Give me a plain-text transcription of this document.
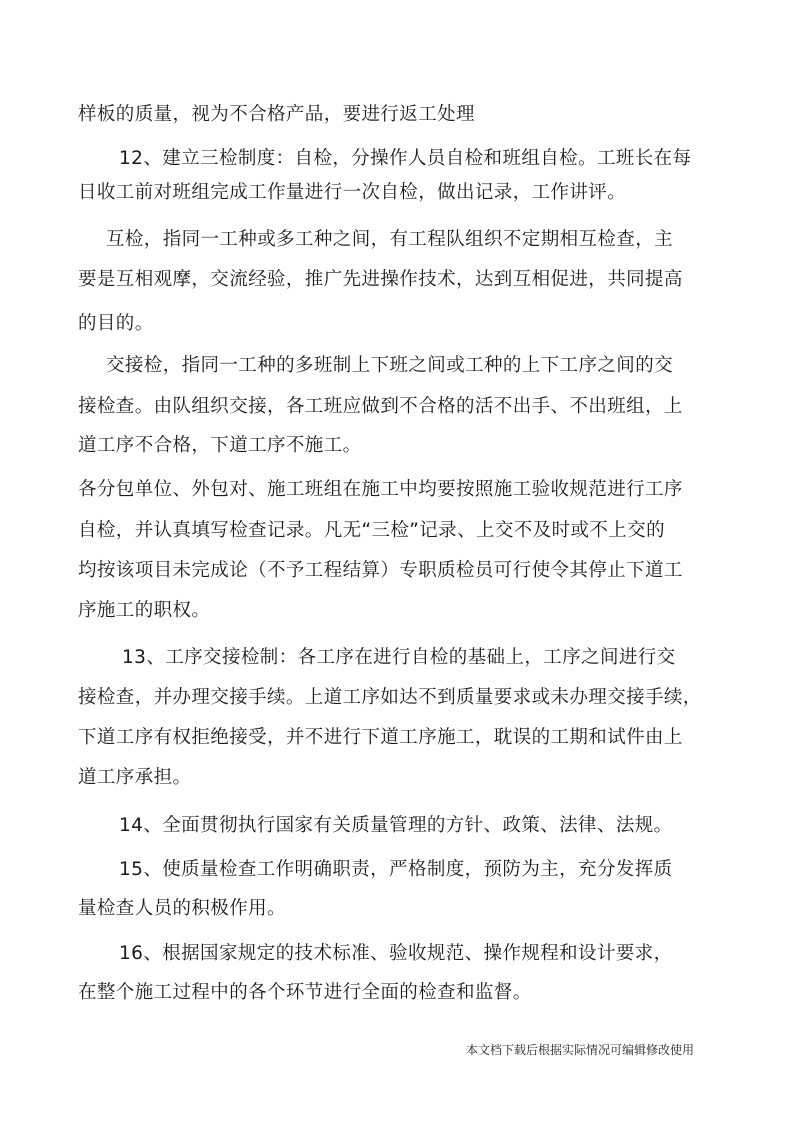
样板的质量，视为不合格产品，要进行返工处理
12、建立三检制度：自检，分操作人员自检和班组自检。工班长在每
日收工前对班组完成工作量进行一次自检，做出记录，工作讲评。
互检，指同一工种或多工种之间，有工程队组织不定期相互检查，主
要是互相观摩，交流经验，推广先进操作技术，达到互相促进，共同提高
的目的。
交接检，指同一工种的多班制上下班之间或工种的上下工序之间的交
接检查。由队组织交接，各工班应做到不合格的活不出手、不出班组，上
道工序不合格，下道工序不施工。
各分包单位、外包对、施工班组在施工中均要按照施工验收规范进行工序
自检，并认真填写检查记录。凡无“三检”记录、上交不及时或不上交的
均按该项目未完成论（不予工程结算）专职质检员可行使令其停止下道工
序施工的职权。
13、工序交接检制：各工序在进行自检的基础上，工序之间进行交
接检查，并办理交接手续。上道工序如达不到质量要求或未办理交接手续，
下道工序有权拒绝接受，并不进行下道工序施工，耽误的工期和试件由上
道工序承担。
14、全面贯彻执行国家有关质量管理的方针、政策、法律、法规。
15、使质量检查工作明确职责，严格制度，预防为主，充分发挥质
量检查人员的积极作用。
16、根据国家规定的技术标准、验收规范、操作规程和设计要求，
在整个施工过程中的各个环节进行全面的检查和监督。
本文档下载后根据实际情况可编辑修改使用
